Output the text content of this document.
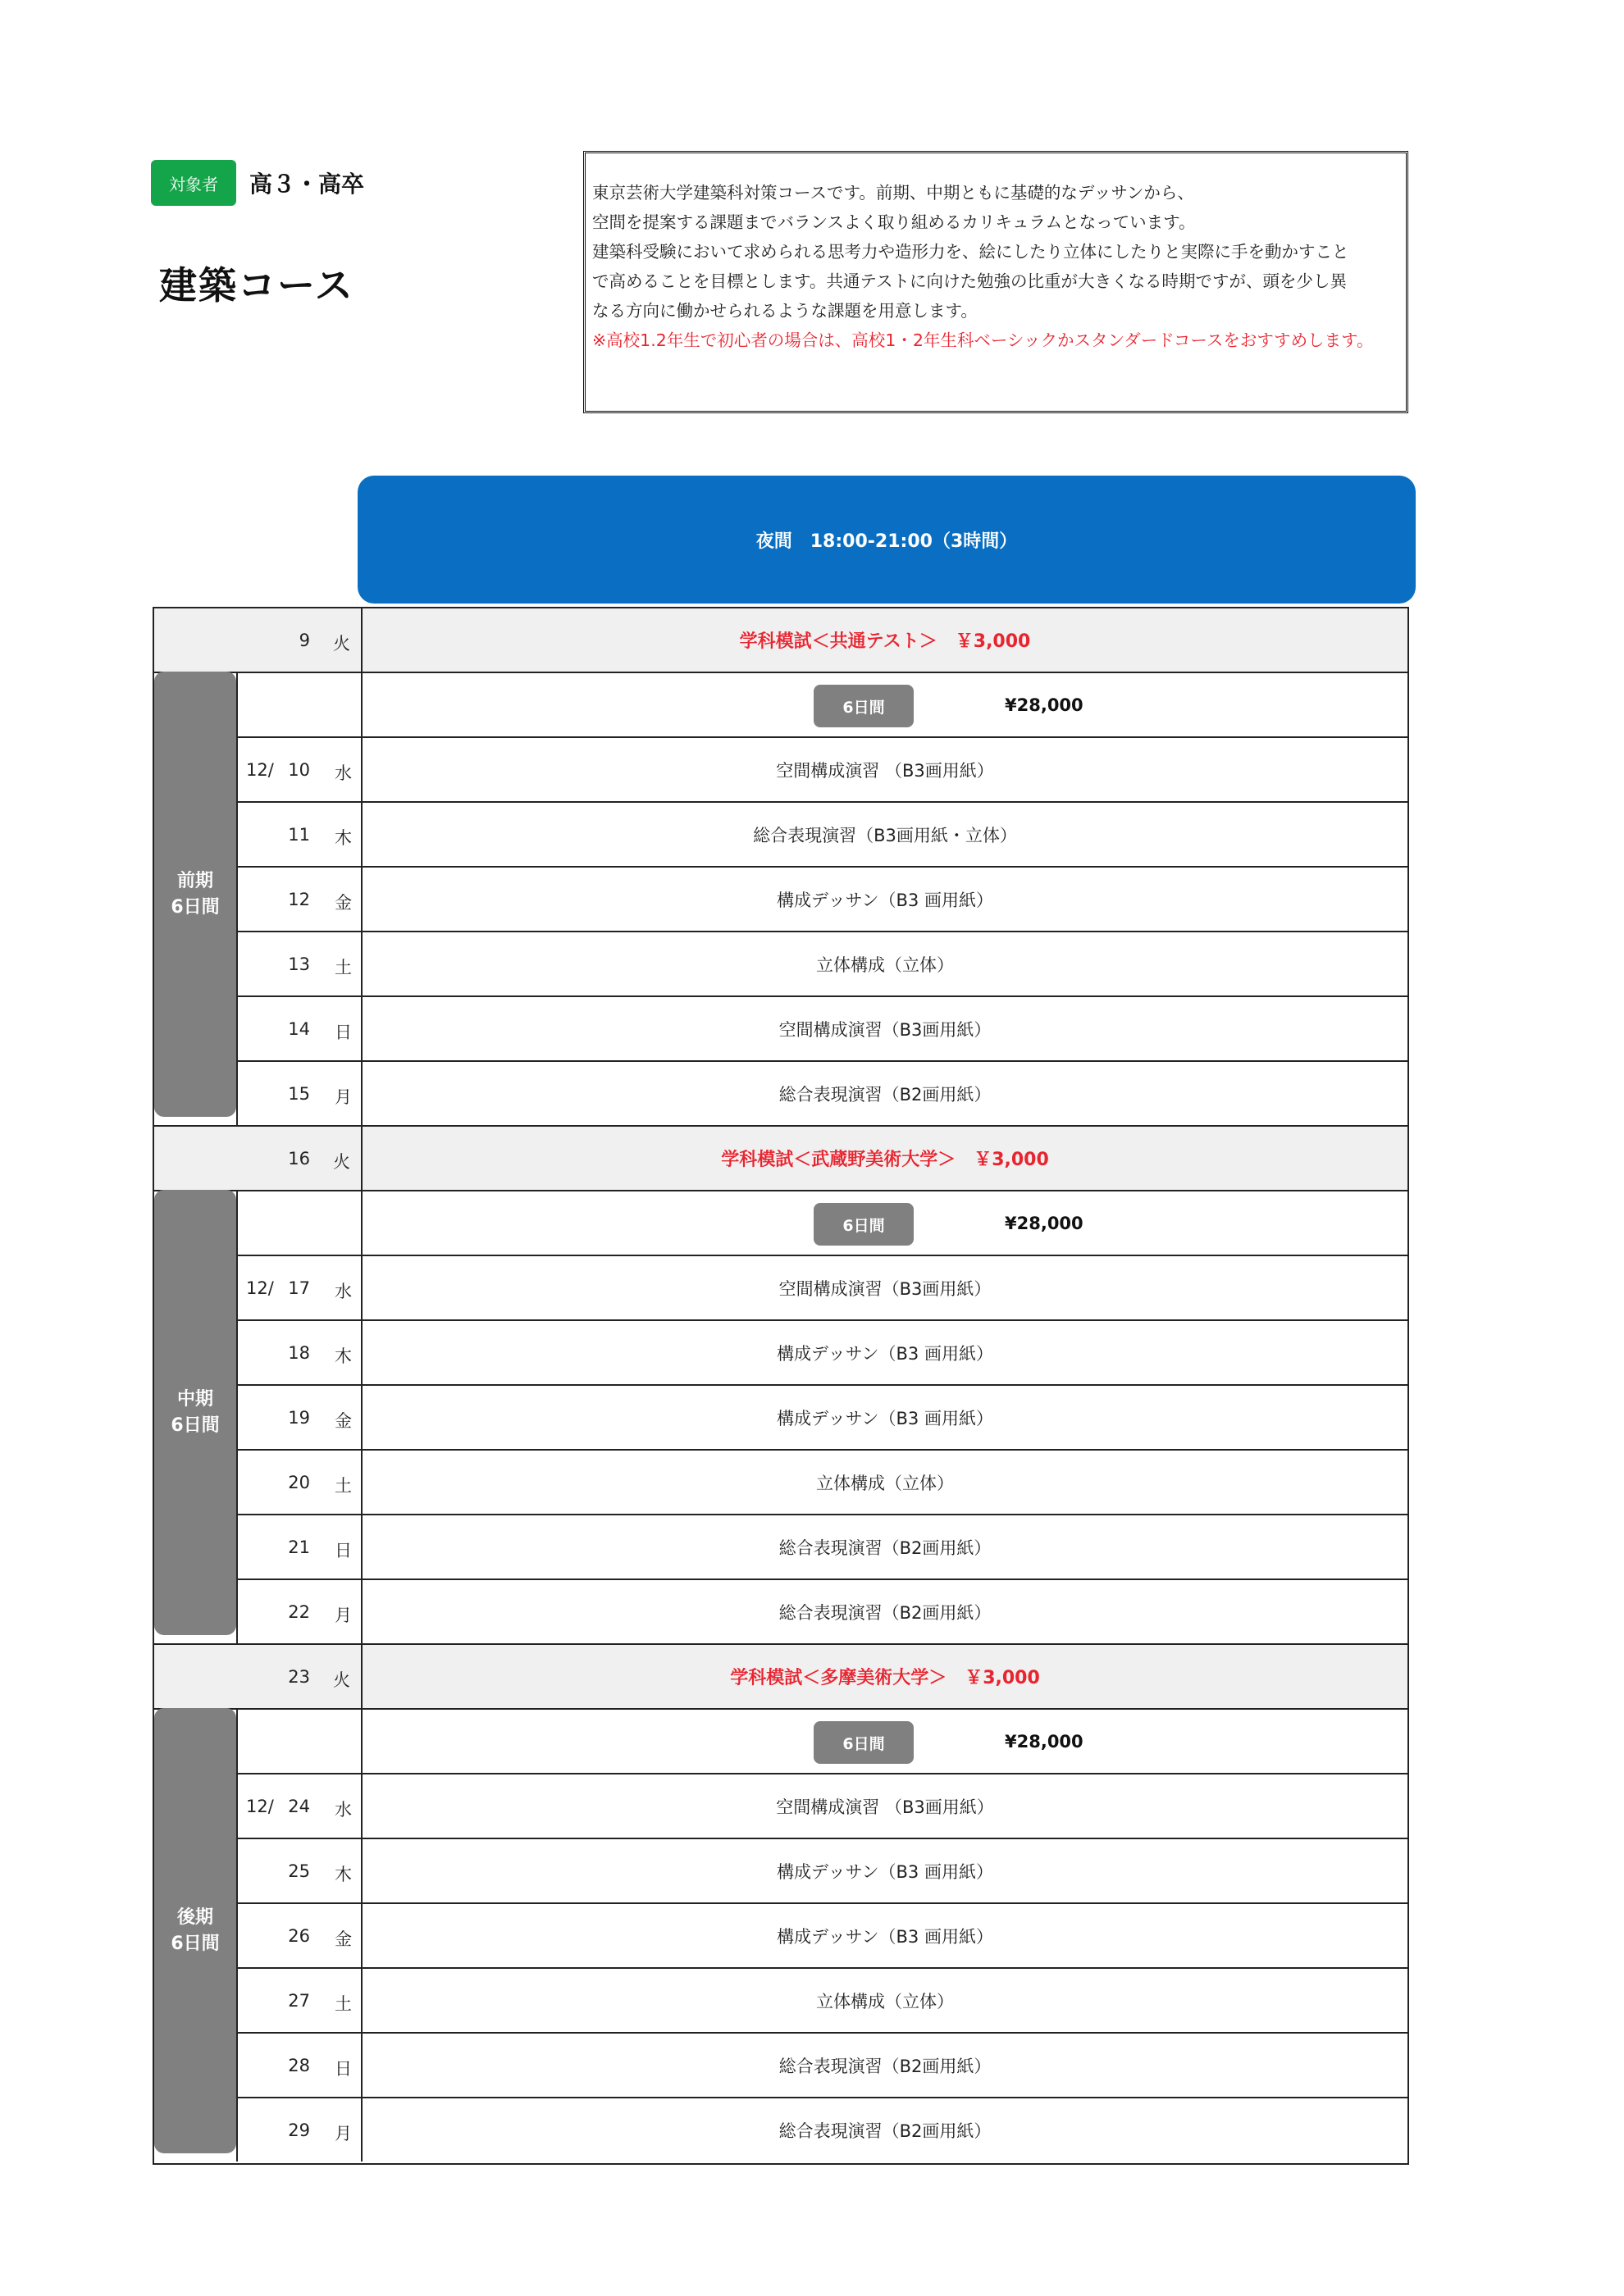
対象者	高３・高卒
建築コース
東京芸術大学建築科対策コースです。前期、中期ともに基礎的なデッサンから、
空間を提案する課題までバランスよく取り組めるカリキュラムとなっています。
建築科受験において求められる思考力や造形力を、絵にしたり立体にしたりと実際に手を動かすこと
で高めることを目標とします。共通テストに向けた勉強の比重が大きくなる時期ですが、頭を少し異
なる方向に働かせられるような課題を用意します。
※高校1.2年生で初心者の場合は、高校1・2年生科ベーシックかスタンダードコースをおすすめします。
夜間　18:00-21:00（3時間）
9 火	学科模試＜共通テスト＞　￥3,000
6日間	¥28,000
12/ 10 水	空間構成演習 （B3画用紙）
11 木	総合表現演習（B3画用紙・立体）
12 金	構成デッサン（B3 画用紙）
13 土	立体構成（立体）
14 日	空間構成演習（B3画用紙）
15 月	総合表現演習（B2画用紙）
前期
6日間
16 火	学科模試＜武蔵野美術大学＞　￥3,000
6日間	¥28,000
12/ 17 水	空間構成演習（B3画用紙）
18 木	構成デッサン（B3 画用紙）
19 金	構成デッサン（B3 画用紙）
20 土	立体構成（立体）
21 日	総合表現演習（B2画用紙）
22 月	総合表現演習（B2画用紙）
中期
6日間
23 火	学科模試＜多摩美術大学＞　￥3,000
6日間	¥28,000
12/ 24 水	空間構成演習 （B3画用紙）
25 木	構成デッサン（B3 画用紙）
26 金	構成デッサン（B3 画用紙）
27 土	立体構成（立体）
28 日	総合表現演習（B2画用紙）
29 月	総合表現演習（B2画用紙）
後期
6日間
